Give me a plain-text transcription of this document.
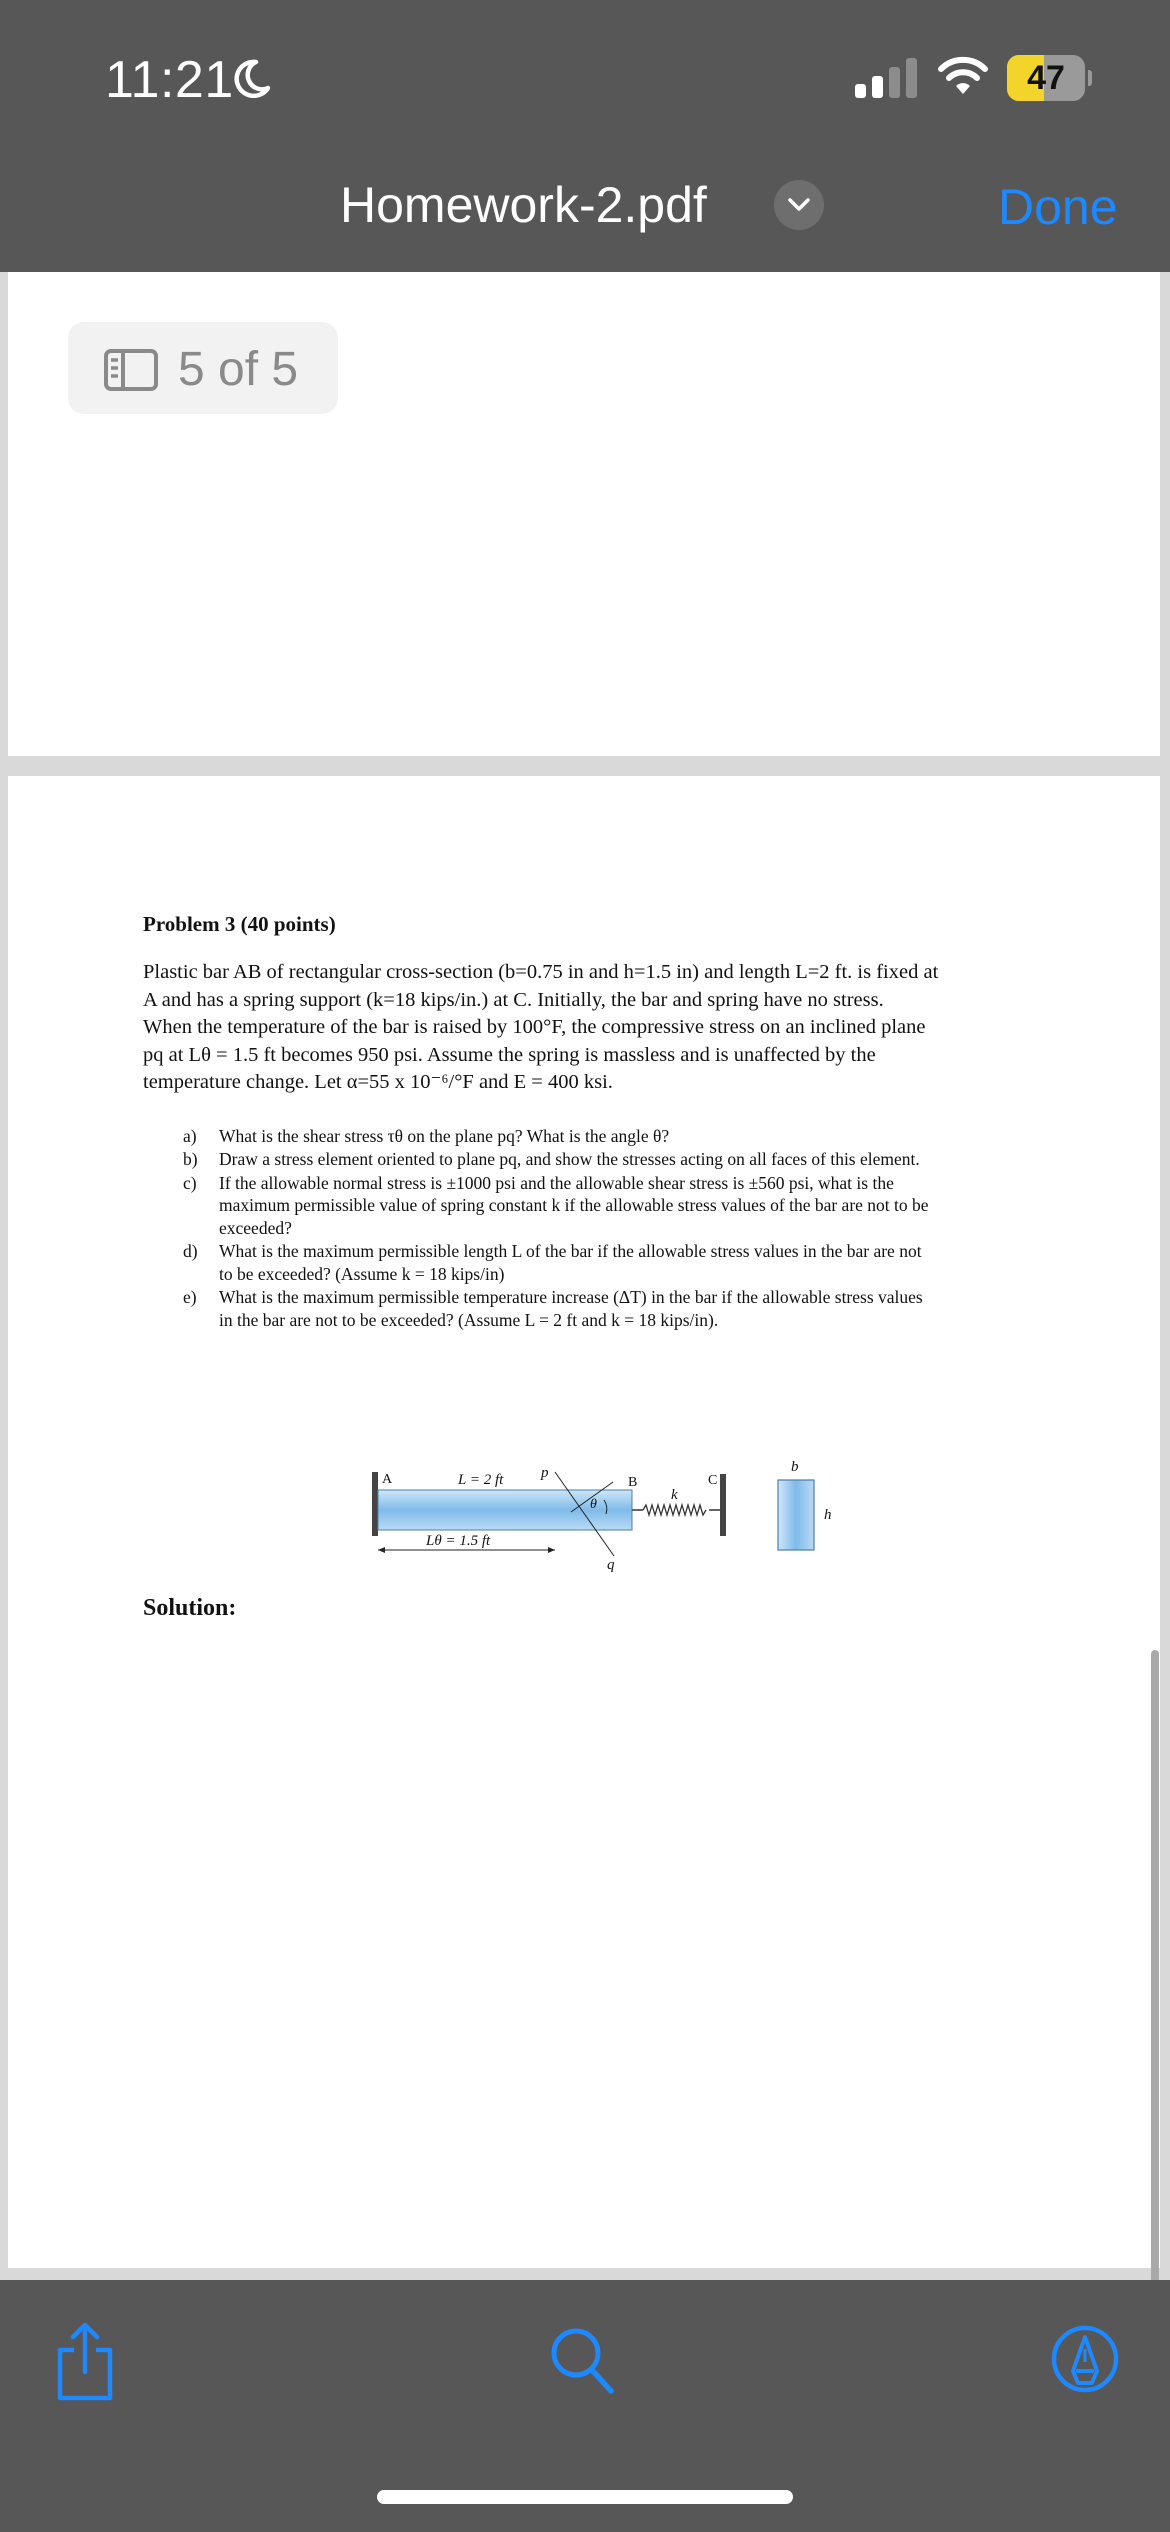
11:21	47
Homework-2.pdf	Done
5 of 5

Problem 3 (40 points)

Plastic bar AB of rectangular cross-section (b=0.75 in and h=1.5 in) and length L=2 ft. is fixed at
A and has a spring support (k=18 kips/in.) at C. Initially, the bar and spring have no stress.
When the temperature of the bar is raised by 100°F, the compressive stress on an inclined plane
pq at Lθ = 1.5 ft becomes 950 psi. Assume the spring is massless and is unaffected by the
temperature change. Let α=55 x 10⁻⁶/°F and E = 400 ksi.

a)	What is the shear stress τθ on the plane pq? What is the angle θ?
b)	Draw a stress element oriented to plane pq, and show the stresses acting on all faces of this element.
c)	If the allowable normal stress is ±1000 psi and the allowable shear stress is ±560 psi, what is the
maximum permissible value of spring constant k if the allowable stress values of the bar are not to be
exceeded?
d)	What is the maximum permissible length L of the bar if the allowable stress values in the bar are not
to be exceeded? (Assume k = 18 kips/in)
e)	What is the maximum permissible temperature increase (ΔT) in the bar if the allowable stress values
in the bar are not to be exceeded? (Assume L = 2 ft and k = 18 kips/in).
A	L = 2 ft	p
B
θ
k
C
Lθ = 1.5 ft
q
b
h
Solution:
